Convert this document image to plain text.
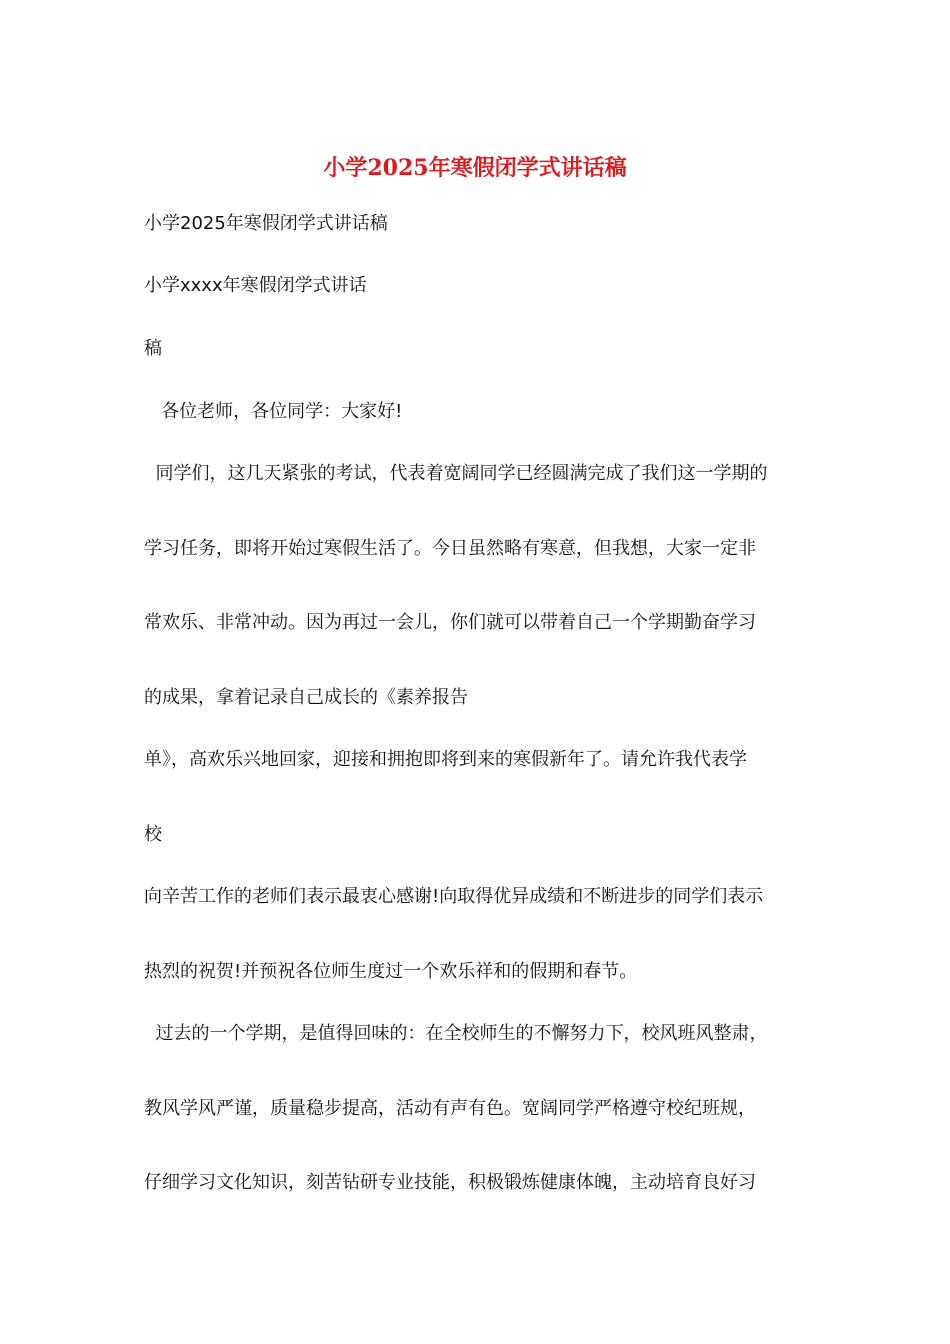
小学2025年寒假闭学式讲话稿
小学2025年寒假闭学式讲话稿
小学xxxx年寒假闭学式讲话
稿
各位老师，各位同学：大家好!
同学们，这几天紧张的考试，代表着宽阔同学已经圆满完成了我们这一学期的
学习任务，即将开始过寒假生活了。今日虽然略有寒意，但我想，大家一定非
常欢乐、非常冲动。因为再过一会儿，你们就可以带着自己一个学期勤奋学习
的成果，拿着记录自己成长的《素养报告
单》，高欢乐兴地回家，迎接和拥抱即将到来的寒假新年了。请允许我代表学
校
向辛苦工作的老师们表示最衷心感谢!向取得优异成绩和不断进步的同学们表示
热烈的祝贺!并预祝各位师生度过一个欢乐祥和的假期和春节。
过去的一个学期，是值得回味的：在全校师生的不懈努力下，校风班风整肃，
教风学风严谨，质量稳步提高，活动有声有色。宽阔同学严格遵守校纪班规，
仔细学习文化知识，刻苦钻研专业技能，积极锻炼健康体魄，主动培育良好习
